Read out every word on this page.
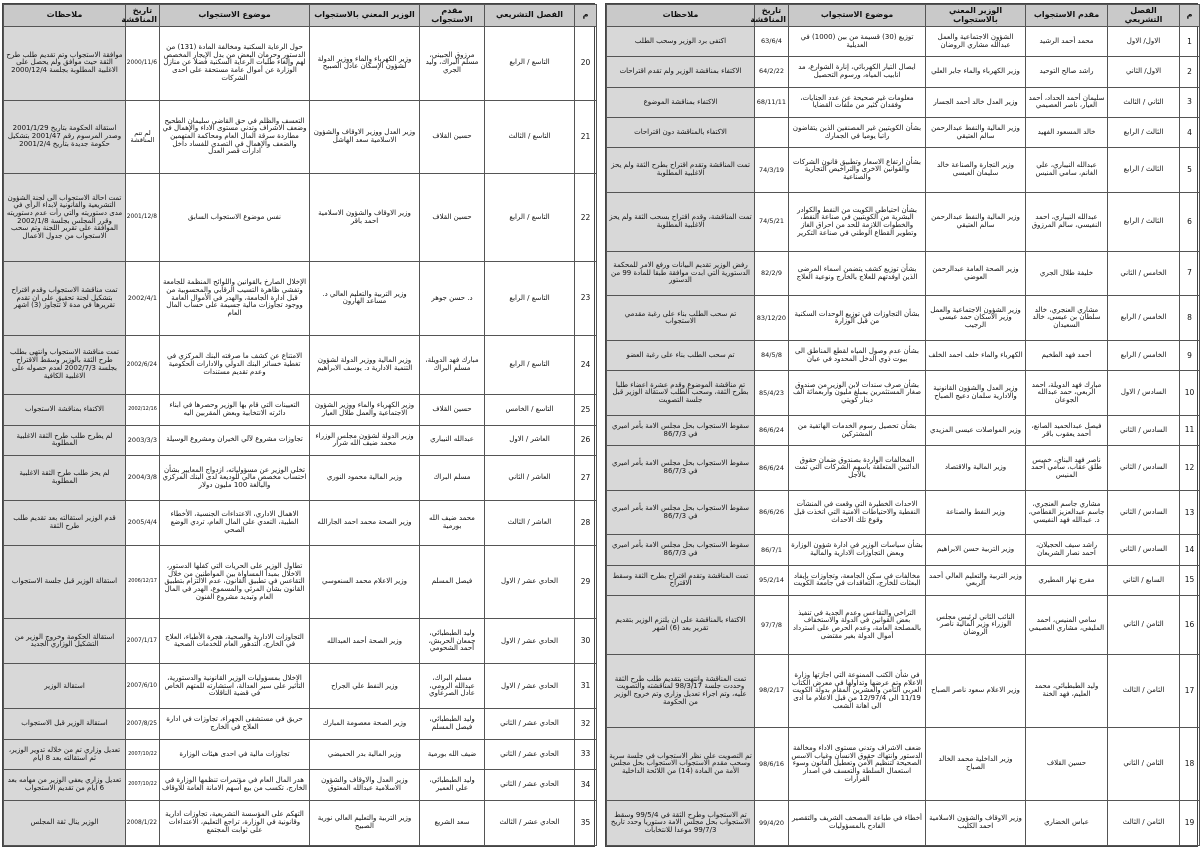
م	الفصل التشريعي	مقدم الاستجواب	الوزير المعني بالاستجواب	موضوع الاستجواب	تاريخ المناقشة	ملاحظات
1	الاول/ الاول	محمد أحمد الرشيد	الشؤون الاجتماعية والعمل عبدالله مشاري الروضان	توزيع (30) قسيمة من بين (1000) في العديلية	63/6/4	اكتفى برد الوزير وسحب الطلب
2	الاول/ الثاني	راشد صالح التوحيد	وزير الكهرباء والماء جابر العلي	ايصال التيار الكهربائي، إنارة الشوارع، مد انابيب المياه، ورسوم التحصيل	64/2/22	الاكتفاء بمناقشة الوزير ولم تقدم اقتراحات
3	الثاني / الثالث	سليمان أحمد الحداد، أحمد العيار، ناصر العصيمي	وزير العدل خالد أحمد الجسار	معلومات غير صحيحة عن عدد الجنايات، وفقدان كثير من ملفات القضايا	68/11/11	الاكتفاء بمناقشة الموضوع
4	الثالث / الرابع	خالد المسعود الفهيد	وزير المالية والنفط عبدالرحمن سالم العتيقي	بشأن الكويتيين غير المصنفين الذين يتقاضون راتبا يوميا في الجمارك		الاكتفاء بالمناقشة دون اقتراحات
5	الثالث / الرابع	عبدالله النيباري، علي الغانم، سامي المنيس	وزير التجارة والصناعة خالد سليمان العيسى	بشأن ارتفاع الاسعار وتطبيق قانون الشركات والقوانين الاخرى والتراخيص التجارية والصناعية	74/3/19	تمت المناقشة وتقدم اقتراح بطرح الثقة ولم يحز الاغلبية المطلوبة
6	الثالث / الرابع	عبدالله النيباري، احمد النفيسي، سالم المرزوق	وزير المالية والنفط عبدالرحمن سالم العتيقي	بشأن احتياطي الكويت من النفط والكوادر البشرية من الكويتيين في صناعة النفط، والخطوات اللازمة للحد من احراق الغاز وتطوير القطاع الوطني في صناعة التكرير	74/5/21	تمت المناقشة، وقدم اقتراح بسحب الثقة ولم يحز الاغلبية المطلوبة
7	الخامس / الثاني	خليفة طلال الجري	وزير الصحة العامة عبدالرحمن العوضي	بشأن توزيع كشف يتضمن اسماء المرضى الذين اوفدتهم للعلاج بالخارج ونوعية العلاج	82/2/9	رفض الوزير تقديم البيانات ورفع الامر للمحكمة الدستورية التي ابدت موافقة طبقا للمادة 99 من الدستور
8	الخامس / الرابع	مشاري العنجري، خالد سلطان بن عيسى، خالد السعيدان	وزير الشؤون الاجتماعية والعمل وزير الاسكان حمد عيسى الرجيب	بشأن التجاوزات في توزيع الوحدات السكنية من قبل الوزارة	83/12/20	تم سحب الطلب بناء على رغبة مقدمي الاستجواب
9	الخامس / الرابع	أحمد فهد الطخيم	الكهرباء والماء خلف احمد الخلف	بشأن عدم وصول المياه لقطع المناطق الى بيوت ذوي الدخل المحدود في عيان	84/5/8	تم سحب الطلب بناء على رغبة العضو
10	السادس / الاول	مبارك فهد الدويلة، احمد الربعي، حمد عبدالله الجوعان	وزير العدل والشؤون القانونية والادارية سلمان دعيج الصباح	بشأن صرف سندات لابن الوزير من صندوق صغار المستثمرين بمبلغ مليون وأربعمائة الف دينار كويتي	85/4/23	تم مناقشة الموضوع وقدم عشرة اعضاء طلبا بطرح الثقة، وسحب الطلب لاستقالة الوزير قبل جلسة التصويت
11	السادس / الثاني	فيصل عبدالحميد الصانع، أحمد يعقوب باقر	وزير المواصلات عيسى المزيدي	بشأن تحصيل رسوم الخدمات الهاتفية من المشتركين	86/6/24	سقوط الاستجواب بحل مجلس الامة بأمر اميري في 86/7/3
12	السادس / الثاني	ناصر فهد البناي، خميس طلق عقاب، سامي أحمد المنيس	وزير المالية والاقتصاد	المخالفات الواردة بصندوق ضمان حقوق الدائنين المتعلقة باسهم الشركات التي تمت بالآجل	86/6/24	سقوط الاستجواب بحل مجلس الامة بأمر اميري في 86/7/3
13	السادس / الثاني	مشاري جاسم العنجري، جاسم عبدالعزيز القطامي، د. عبدالله فهد النفيسي	وزير النفط والصناعة	الاحداث الخطيرة التي وقعت في المنشآت النفطية والاحتياطات الامنية التي اتخذت قبل وقوع تلك الاحداث	86/6/26	سقوط الاستجواب بحل مجلس الامة بأمر اميري في 86/7/3
14	السادس / الثاني	راشد سيف الحجيلان، احمد نصار الشريعان	وزير التربية حسن الابراهيم	بشأن سياسات الوزير في ادارة شؤون الوزارة وبعض التجاوزات الادارية والمالية	86/7/1	سقوط الاستجواب بحل مجلس الامة بأمر اميري في 86/7/3
15	السابع / الثاني	مفرج نهار المطيري	وزير التربية والتعليم العالي أحمد الربعي	مخالفات في سكن الجامعة، وتجاوزات بإيفاد البعثات للخارج، التعاقدات في جامعة الكويت	95/2/14	تمت المناقشة وتقدم اقتراح بطرح الثقة وسقط الاقتراح
16	الثامن / الثاني	سامي المنيس، احمد المليفي، مشاري العصيمي	النائب الثاني لرئيس مجلس الوزراء وزير المالية ناصر الروضان	التراخي والتقاعس وعدم الجدية في تنفيذ بعض القوانين في الدولة والاستخفاف بالمصلحة العامة، وعدم الحرص على استرداد أموال الدولة بغير مقتضى	97/7/8	الاكتفاء بالمناقشة على ان يلتزم الوزير بتقديم تقرير بعد (6) اشهر
17	الثامن / الثالث	وليد الطبطبائي، محمد العليم، فهد الخنة	وزير الاعلام سعود ناصر الصباح	في شأن الكتب الممنوعة التي اجازتها وزارة الاعلام وتم عرضها وتداولها في معرض الكتاب العربي الثامن والعشرين المقام بدولة الكويت 11/19 الى 12/97/4 من قبل الاعلام ما ادى الى اهانة الشعب	98/2/17	تمت المناقشة وانتهت بتقديم طلب طرح الثقة وحددت جلسة 98/3/17 لمناقشته والتصويت عليه، وتم اجراء تعديل وزاري وتم خروج الوزير من الحكومة
18	الثامن / الثاني	حسين القلاف	وزير الداخلية محمد الخالد الصباح	ضعف الاشراف وتدني مستوى الاداء ومخالفة الدستور وانتهاك حقوق الانسان وغياب الاسس الصحيحة لتنظيم الأمن وتعطيل القانون وسوء استعمال السلطة والتعسف في اصدار القرارات	98/6/16	تم التصويت على نظر الاستجواب في جلسة سرية وسحب مقدم الاستجواب الاستجواب بحل مجلس الأمة من المادة (14) من اللائحة الداخلية
19	الثامن / الثالث	عباس الخضاري	وزير الاوقاف والشؤون الاسلامية احمد الكليب	أخطاء في طباعة المصحف الشريف والتقصير الفادح بالمسؤوليات	99/4/20	تم الاستجواب وطرح الثقة في 99/5/4 وسقط الاستجواب بحل مجلس الامة دستوريا وحدد تاريخ 99/7/3 موعدا للانتخابات
م	الفصل التشريعي	مقدم الاستجواب	الوزير المعني بالاستجواب	موضوع الاستجواب	تاريخ المناقشة	ملاحظات
20	التاسع / الرابع	مرزوق الحبيني، مسلم البراك، وليد الجري	وزير الكهرباء والماء ووزير الدولة لشؤون الإسكان عادل الصبيح	حول الرعاية السكنية ومخالفة المادة (131) من الدستور وحرمان البعض من بدل الإيجار المخصص لهم وإلغاء طلبات الرعاية السكنية فضلا عن منازل الوزارة عن أموال عامة مستحقة على احدى الشركات	2000/11/6	موافقة الاستجواب وتم تقديم طلب طرح الثقة حيث موافق ولم يحصل على الاغلبية المطلوبة بجلسة 2000/12/4
21	التاسع / الثالث	حسين القلاف	وزير العدل ووزير الاوقاف والشؤون الاسلامية سعد الهاشل	التعسف والظلم في حق القاضي سليمان الطحيح وضعف الاشراف وتدني مستوى الاداء والإهمال في مطاردة سرقة المال العام ومحاكمة المتهمين والضعف والإهمال في التصدي للفساد داخل ادارات قصر العدل	لم تتم المناقشة	استقالة الحكومة بتاريخ 2001/1/29 وصدر المرسوم رقم 2001/47 بتشكيل حكومة جديدة بتاريخ 2001/2/4
22	التاسع / الرابع	حسين القلاف	وزير الاوقاف والشؤون الاسلامية احمد باقر	نفس موضوع الاستجواب السابق	2001/12/8	تمت احالة الاستجواب الى لجنة الشؤون التشريعية والقانونية لابداء الرأي في مدى دستوريته والتي رأت عدم دستوريته وقرر المجلس بجلسة 2002/1/8 الموافقة على تقرير اللجنة وتم سحب الاستجواب من جدول الاعمال
23	التاسع / الرابع	د. حسن جوهر	وزير التربية والتعليم العالي د. مساعد الهارون	الإخلال الصارخ بالقوانين واللوائح المنظمة للجامعة وتفشي ظاهرة التسيب الرقابي والمحسوبية من قبل ادارة الجامعة، والهدر في الأموال العامة ووجود تجاوزات مالية جسيمة على حساب المال العام	2002/4/1	تمت مناقشة الاستجواب وقدم اقتراح بتشكيل لجنة تحقيق على ان تقدم تقريرها في مدة لا تتجاوز (3) اشهر
24	التاسع / الرابع	مبارك فهد الدويلة، مسلم البراك	وزير المالية ووزير الدولة لشؤون التنمية الادارية د. يوسف الابراهيم	الامتناع عن كشف ما صرفته البنك المركزي في تغطية خسائر البنك الدولي والادارات الحكومية وعدم تقديم مستندات	2002/6/24	تمت مناقشة الاستجواب وانتهى بطلب طرح الثقة بالوزير وسقط الاقتراح بجلسة 2002/7/3 لعدم حصوله على الاغلبية الكافية
25	التاسع / الخامس	حسين القلاف	وزير الكهرباء والماء ووزير الشؤون الاجتماعية والعمل طلال العيار	التعيينات التي قام بها الوزير وحصرها في ابناء دائرته الانتخابية وبعض المقربين اليه	2002/12/16	الاكتفاء بمناقشة الاستجواب
26	العاشر / الاول	عبدالله النيباري	وزير الدولة لشؤون مجلس الوزراء محمد ضيف الله شرار	تجاوزات مشروع لآلي الخيران ومشروع الوسيلة	2003/3/3	لم يطرح طلب طرح الثقة الاغلبية المطلوبة
27	العاشر / الثاني	مسلم البراك	وزير المالية محمود النوري	تخلي الوزير عن مسؤولياته، ازدواج المعايير بشأن احتساب مخصص مالي للوديعة لدى البنك المركزي والبالغة 100 مليون دولار	2004/3/8	لم يحز طلب طرح الثقة الاغلبية المطلوبة
28	العاشر / الثالث	محمد ضيف الله بورمية	وزير الصحة محمد احمد الجارالله	الاهمال الاداري، الاعتداءات الجنسية، الأخطاء الطبية، التعدي على المال العام، تردي الوضع الصحي	2005/4/4	قدم الوزير استقالته بعد تقديم طلب طرح الثقة
29	الحادي عشر / الاول	فيصل المسلم	وزير الاعلام محمد السنعوسي	تطاول الوزير على الحريات التي كفلها الدستور، الاخلال بمبدأ المساواة بين المواطنين من خلال التقاعس في تطبيق القانون، عدم الالتزام بتطبيق القانون بشأن المرئي والمسموع، الهدر في المال العام وتبديد مشروع الفنون	2006/12/17	استقالة الوزير قبل جلسة الاستجواب
30	الحادي عشر / الاول	وليد الطبطبائي، جمعان الحربش، أحمد الشحومي	وزير الصحة أحمد العبدالله	التجاوزات الادارية والصحية، هجرة الأطباء، العلاج في الخارج، التدهور العام للخدمات الصحية	2007/1/17	استقالة الحكومة وخروج الوزير من التشكيل الوزاري الجديد
31	الحادي عشر / الاول	مسلم البراك، عبدالله الرومي، عادل الصرعاوي	وزير النفط علي الجراح	الاخلال بمسؤوليات الوزير القانونية والدستورية، التأثير على سير العدالة، استشارته للمتهم الخاص في قضية الناقلات	2007/6/10	استقالة الوزير
32	الحادي عشر / الثاني	وليد الطبطبائي، فيصل المسلم	وزير الصحة معصومة المبارك	حريق في مستشفى الجهراء، تجاوزات في ادارة العلاج في الخارج	2007/8/25	استقالة الوزير قبل الاستجواب
33	الحادي عشر / الثاني	ضيف الله بورمية	وزير المالية بدر الحميضي	تجاوزات مالية في احدى هيئات الوزارة	2007/10/22	تعديل وزاري تم من خلاله تدوير الوزير، ثم استقالته بعد 8 ايام
34	الحادي عشر / الثاني	وليد الطبطبائي، علي العمير	وزير العدل والاوقاف والشؤون الاسلامية عبدالله المعتوق	هدر المال العام في مؤتمرات تنظمها الوزارة في الخارج، تكسب من بيع اسهم الامانة العامة للاوقاف	2007/10/22	تعديل وزاري يعفي الوزير من مهامه بعد 6 ايام من تقديم الاستجواب
35	الحادي عشر / الثالث	سعد الشريع	وزير التربية والتعليم العالي نورية الصبيح	التهكم على المؤسسة التشريعية، تجاوزات ادارية وقانونية في الوزارة، تراجع التعليم، الاعتداءات على ثوابت المجتمع	2008/1/22	الوزير ينال ثقة المجلس
